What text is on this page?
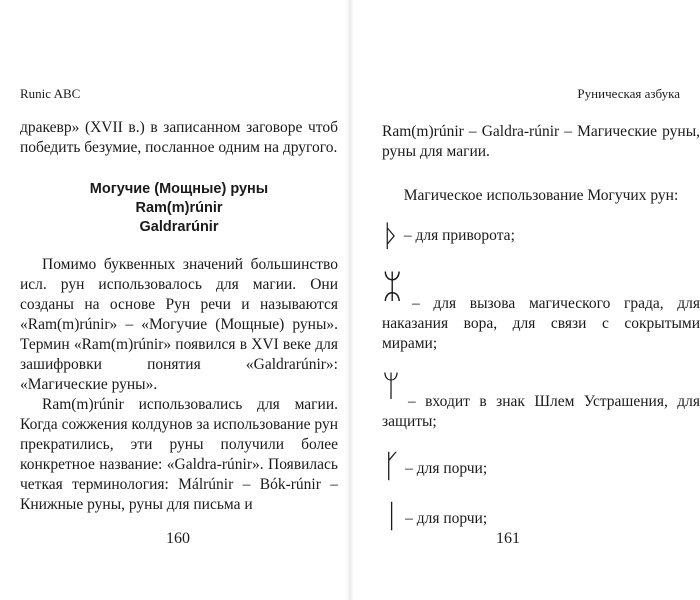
Runic ABC

дракевр» (XVII в.) в записанном заговоре чтоб победить безумие, посланное одним на другого.

Могучие (Мощные) руны
Ram(m)rúnir
Galdrarúnir

Помимо буквенных значений большинство исл. рун использовалось для магии. Они созданы на основе Рун речи и называются «Ram(m)rúnir» – «Могучие (Мощные) руны». Термин «Ram(m)rúnir» появился в XVI веке для зашифровки понятия «Galdrarúnir»: «Магические руны».

Ram(m)rúnir использовались для магии. Когда сожжения колдунов за использование рун прекратились, эти руны получили более конкретное название: «Galdra-rúnir». Появилась четкая терминология: Málrúnir – Bók-rúnir – Книжные руны, руны для письма и

160
Руническая азбука

Ram(m)rúnir – Galdra-rúnir – Магические руны, руны для магии.

Магическое использование Могучих рун:

ᚦ – для приворота;
ᛯ – для вызова магического града, для наказания вора, для связи с сокрытыми мирами;

ᛘ – входит в знак Шлем Устрашения, для защиты;

ᚴ – для порчи;
ᛁ – для порчи;
161
